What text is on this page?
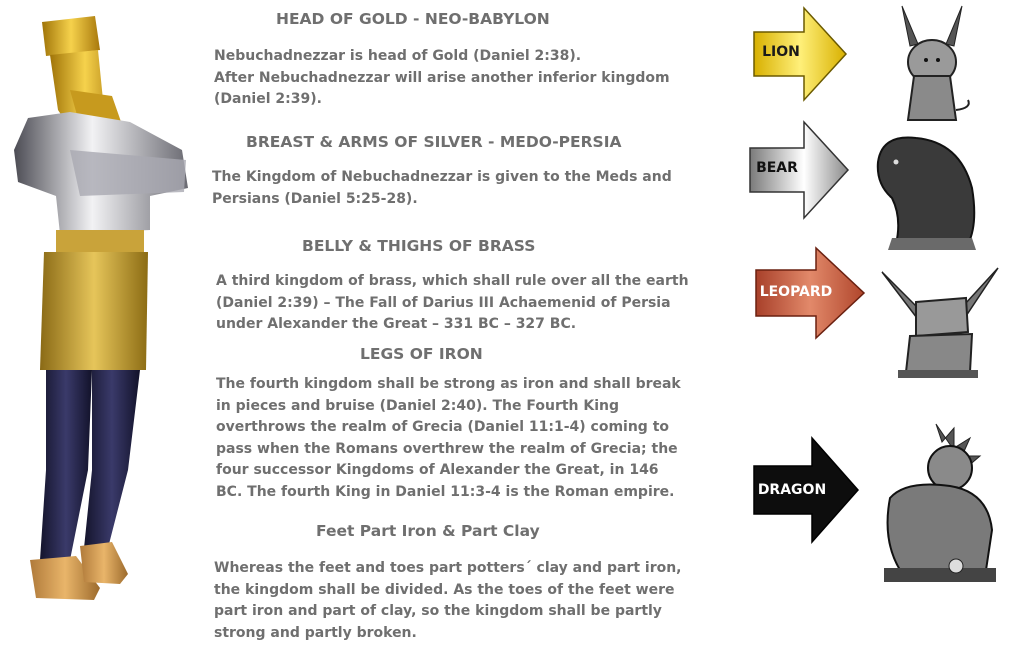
HEAD OF GOLD - NEO-BABYLON
Nebuchadnezzar is head of Gold (Daniel 2:38).
After Nebuchadnezzar will arise another inferior kingdom
(Daniel 2:39).
BREAST & ARMS OF SILVER - MEDO-PERSIA
The Kingdom of Nebuchadnezzar is given to the Meds and
Persians (Daniel 5:25-28).
BELLY & THIGHS OF BRASS
A third kingdom of brass, which shall rule over all the earth
(Daniel 2:39) – The Fall of Darius III Achaemenid of Persia
under Alexander the Great – 331 BC – 327 BC.
LEGS OF IRON
The fourth kingdom shall be strong as iron and shall break
in pieces and bruise (Daniel 2:40). The Fourth King
overthrows the realm of Grecia (Daniel 11:1-4) coming to
pass when the Romans overthrew the realm of Grecia; the
four successor Kingdoms of Alexander the Great, in 146
BC. The fourth King in Daniel 11:3-4 is the Roman empire.
Feet Part Iron & Part Clay
Whereas the feet and toes part potters´ clay and part iron,
the kingdom shall be divided. As the toes of the feet were
part iron and part of clay, so the kingdom shall be partly
strong and partly broken.
LION
BEAR
LEOPARD
DRAGON
